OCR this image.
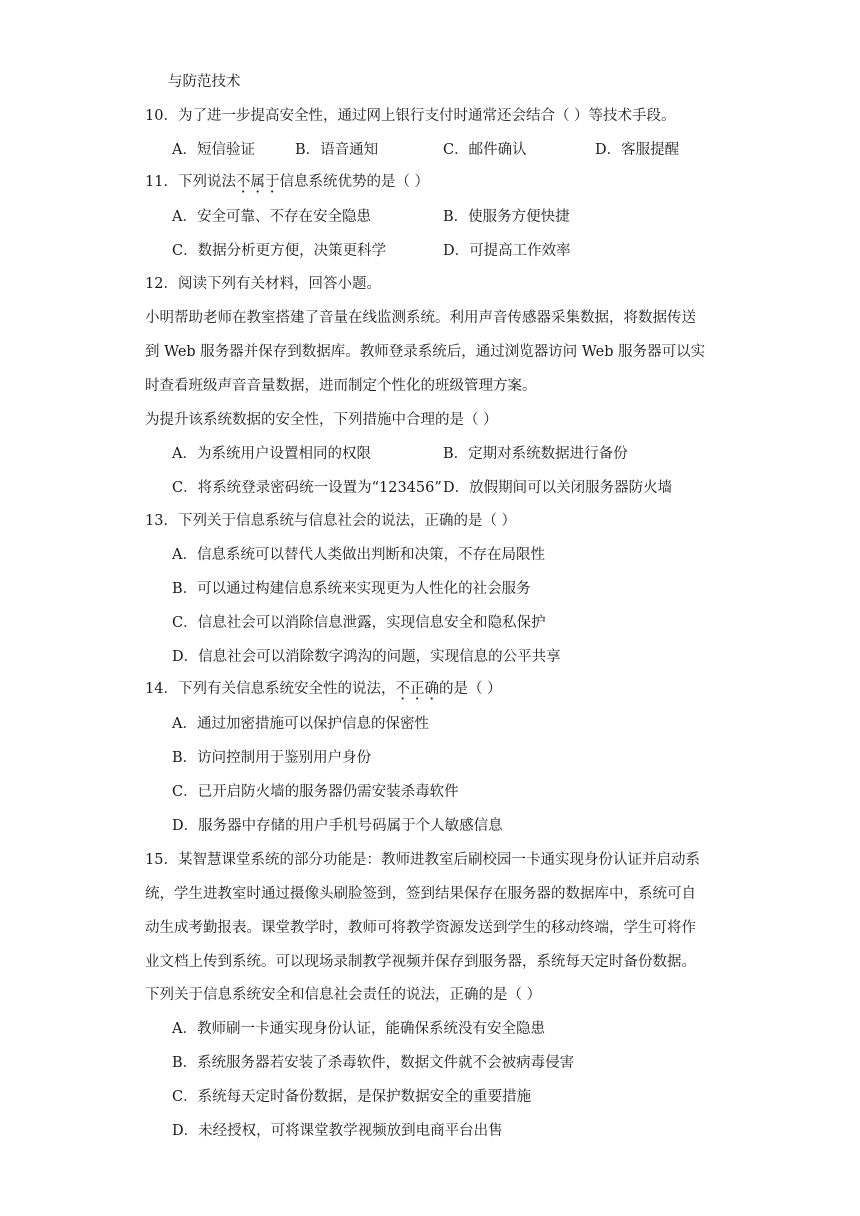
与防范技术
10．为了进一步提高安全性，通过网上银行支付时通常还会结合（ ）等技术手段。
A．短信验证	B．语音通知	C．邮件确认	D．客服提醒
11．下列说法不属于信息系统优势的是（ ）
A．安全可靠、不存在安全隐患	B．使服务方便快捷
C．数据分析更方便，决策更科学	D．可提高工作效率
12．阅读下列有关材料，回答小题。
小明帮助老师在教室搭建了音量在线监测系统。利用声音传感器采集数据，将数据传送
到 Web 服务器并保存到数据库。教师登录系统后，通过浏览器访问 Web 服务器可以实
时查看班级声音音量数据，进而制定个性化的班级管理方案。
为提升该系统数据的安全性，下列措施中合理的是（ ）
A．为系统用户设置相同的权限	B．定期对系统数据进行备份
C．将系统登录密码统一设置为“123456” D．放假期间可以关闭服务器防火墙
13．下列关于信息系统与信息社会的说法，正确的是（ ）
A．信息系统可以替代人类做出判断和决策，不存在局限性
B．可以通过构建信息系统来实现更为人性化的社会服务
C．信息社会可以消除信息泄露，实现信息安全和隐私保护
D．信息社会可以消除数字鸿沟的问题，实现信息的公平共享
14．下列有关信息系统安全性的说法，不正确的是（ ）
A．通过加密措施可以保护信息的保密性
B．访问控制用于鉴别用户身份
C．已开启防火墙的服务器仍需安装杀毒软件
D．服务器中存储的用户手机号码属于个人敏感信息
15．某智慧课堂系统的部分功能是：教师进教室后刷校园一卡通实现身份认证并启动系
统，学生进教室时通过摄像头刷脸签到，签到结果保存在服务器的数据库中，系统可自
动生成考勤报表。课堂教学时，教师可将教学资源发送到学生的移动终端，学生可将作
业文档上传到系统。可以现场录制教学视频并保存到服务器，系统每天定时备份数据。
下列关于信息系统安全和信息社会责任的说法，正确的是（ ）
A．教师刷一卡通实现身份认证，能确保系统没有安全隐患
B．系统服务器若安装了杀毒软件，数据文件就不会被病毒侵害
C．系统每天定时备份数据，是保护数据安全的重要措施
D．未经授权，可将课堂教学视频放到电商平台出售
